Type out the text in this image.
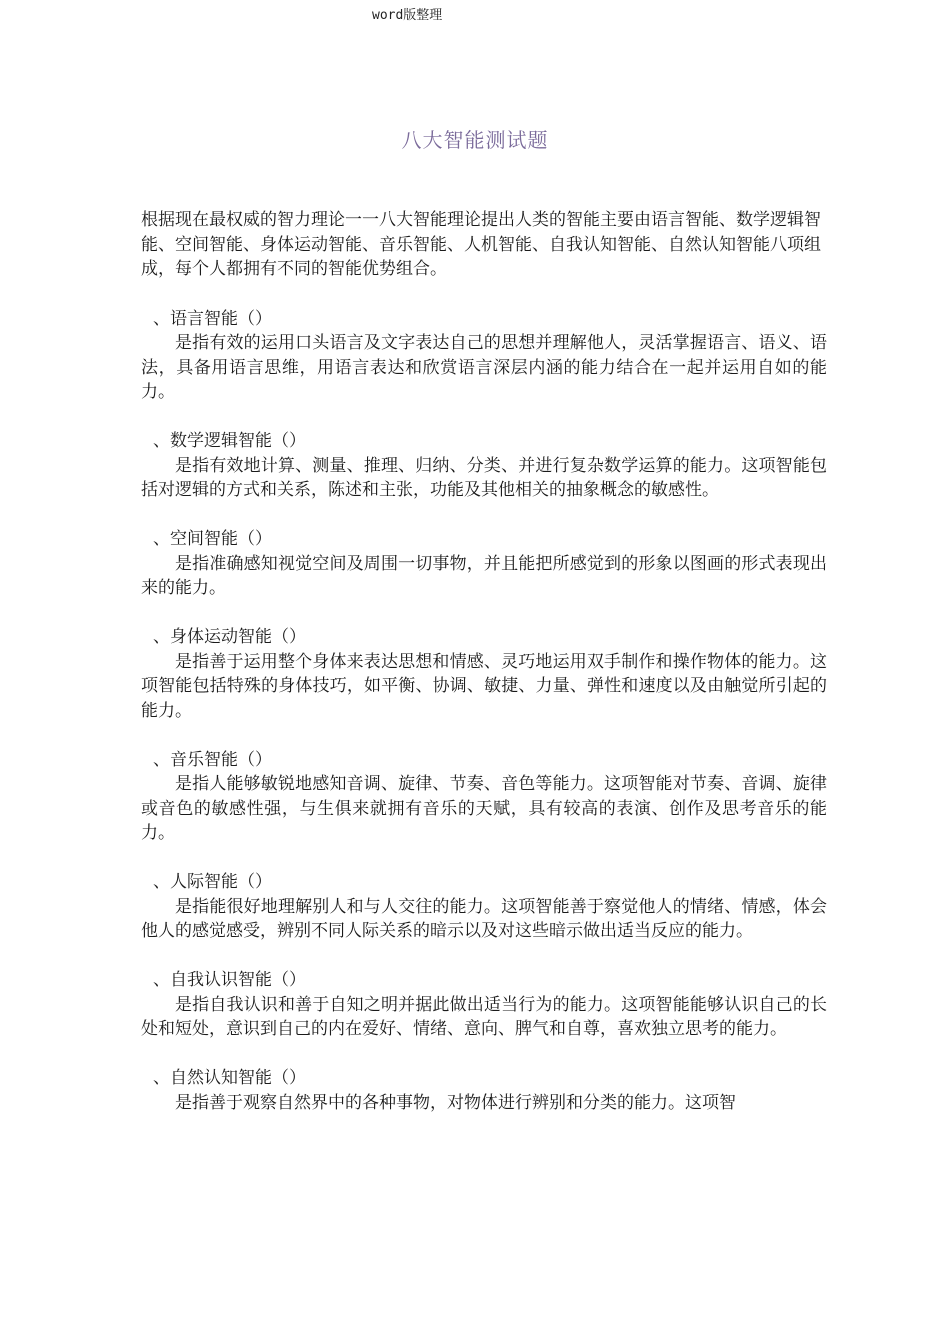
word版整理
八大智能测试题

根据现在最权威的智力理论一一八大智能理论提出人类的智能主要由语言智能、数学逻辑智能、空间智能、身体运动智能、音乐智能、人机智能、自我认知智能、自然认知智能八项组成，每个人都拥有不同的智能优势组合。

、语言智能（）

是指有效的运用口头语言及文字表达自己的思想并理解他人，灵活掌握语言、语义、语法，具备用语言思维，用语言表达和欣赏语言深层内涵的能力结合在一起并运用自如的能力。

、数学逻辑智能（）

是指有效地计算、测量、推理、归纳、分类、并进行复杂数学运算的能力。这项智能包括对逻辑的方式和关系，陈述和主张，功能及其他相关的抽象概念的敏感性。

、空间智能（）

是指准确感知视觉空间及周围一切事物，并且能把所感觉到的形象以图画的形式表现出来的能力。

、身体运动智能（）

是指善于运用整个身体来表达思想和情感、灵巧地运用双手制作和操作物体的能力。这项智能包括特殊的身体技巧，如平衡、协调、敏捷、力量、弹性和速度以及由触觉所引起的能力。

、音乐智能（）

是指人能够敏锐地感知音调、旋律、节奏、音色等能力。这项智能对节奏、音调、旋律或音色的敏感性强，与生俱来就拥有音乐的天赋，具有较高的表演、创作及思考音乐的能力。

、人际智能（）

是指能很好地理解别人和与人交往的能力。这项智能善于察觉他人的情绪、情感，体会他人的感觉感受，辨别不同人际关系的暗示以及对这些暗示做出适当反应的能力。

、自我认识智能（）

是指自我认识和善于自知之明并据此做出适当行为的能力。这项智能能够认识自己的长处和短处，意识到自己的内在爱好、情绪、意向、脾气和自尊，喜欢独立思考的能力。

、自然认知智能（）

是指善于观察自然界中的各种事物，对物体进行辨别和分类的能力。这项智
